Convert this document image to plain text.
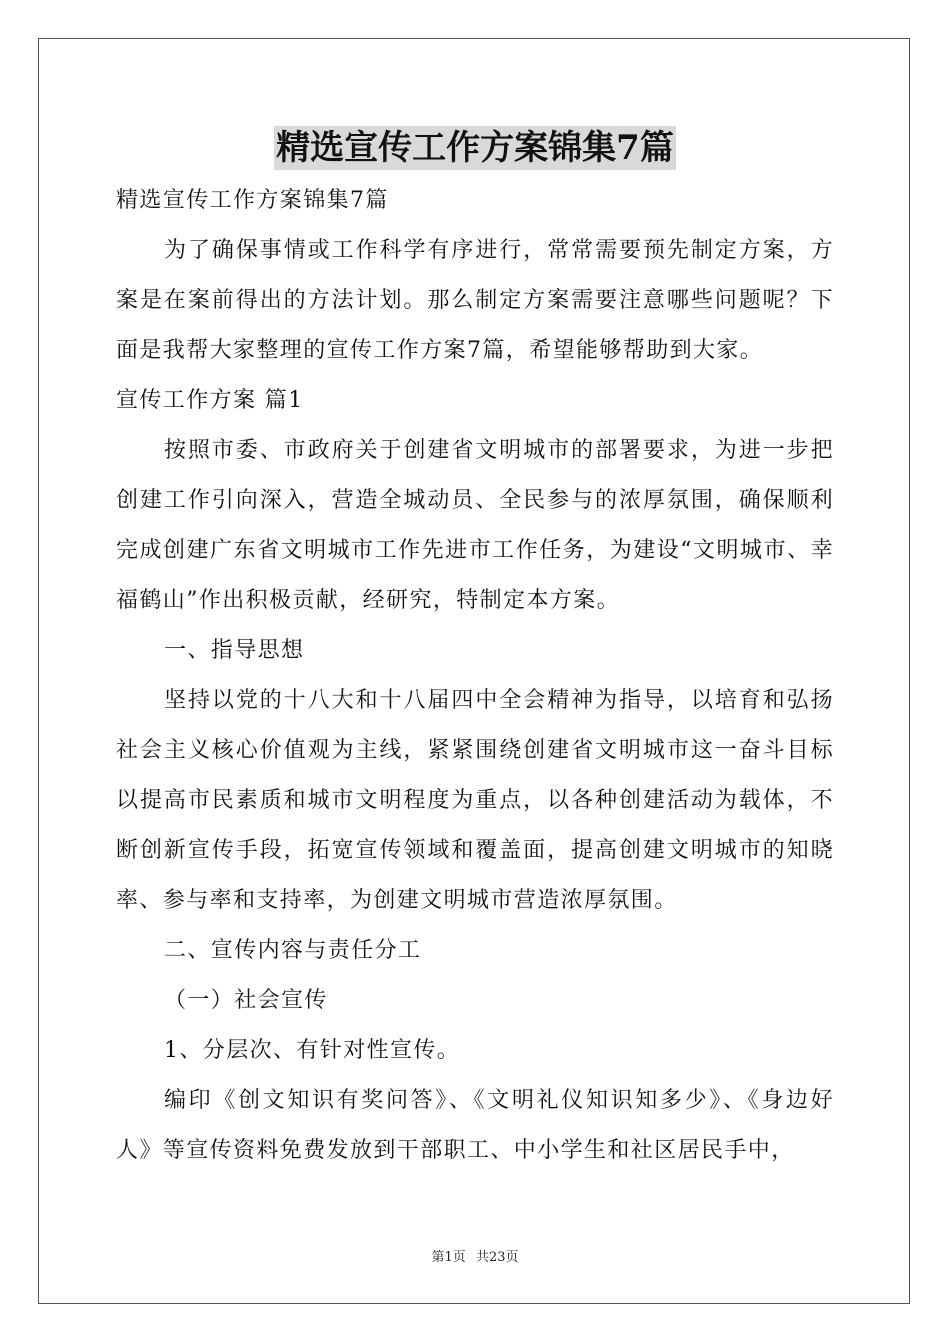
精选宣传工作方案锦集7篇

精选宣传工作方案锦集7篇

为了确保事情或工作科学有序进行，常常需要预先制定方案，方案是在案前得出的方法计划。那么制定方案需要注意哪些问题呢？下面是我帮大家整理的宣传工作方案7篇，希望能够帮助到大家。

宣传工作方案 篇1

按照市委、市政府关于创建省文明城市的部署要求，为进一步把创建工作引向深入，营造全城动员、全民参与的浓厚氛围，确保顺利完成创建广东省文明城市工作先进市工作任务，为建设“文明城市、幸福鹤山”作出积极贡献，经研究，特制定本方案。

一、指导思想

坚持以党的十八大和十八届四中全会精神为指导，以培育和弘扬社会主义核心价值观为主线，紧紧围绕创建省文明城市这一奋斗目标以提高市民素质和城市文明程度为重点，以各种创建活动为载体，不断创新宣传手段，拓宽宣传领域和覆盖面，提高创建文明城市的知晓率、参与率和支持率，为创建文明城市营造浓厚氛围。

二、宣传内容与责任分工

（一）社会宣传

1、分层次、有针对性宣传。

编印《创文知识有奖问答》、《文明礼仪知识知多少》、《身边好人》等宣传资料免费发放到干部职工、中小学生和社区居民手中，

第1页 共23页
